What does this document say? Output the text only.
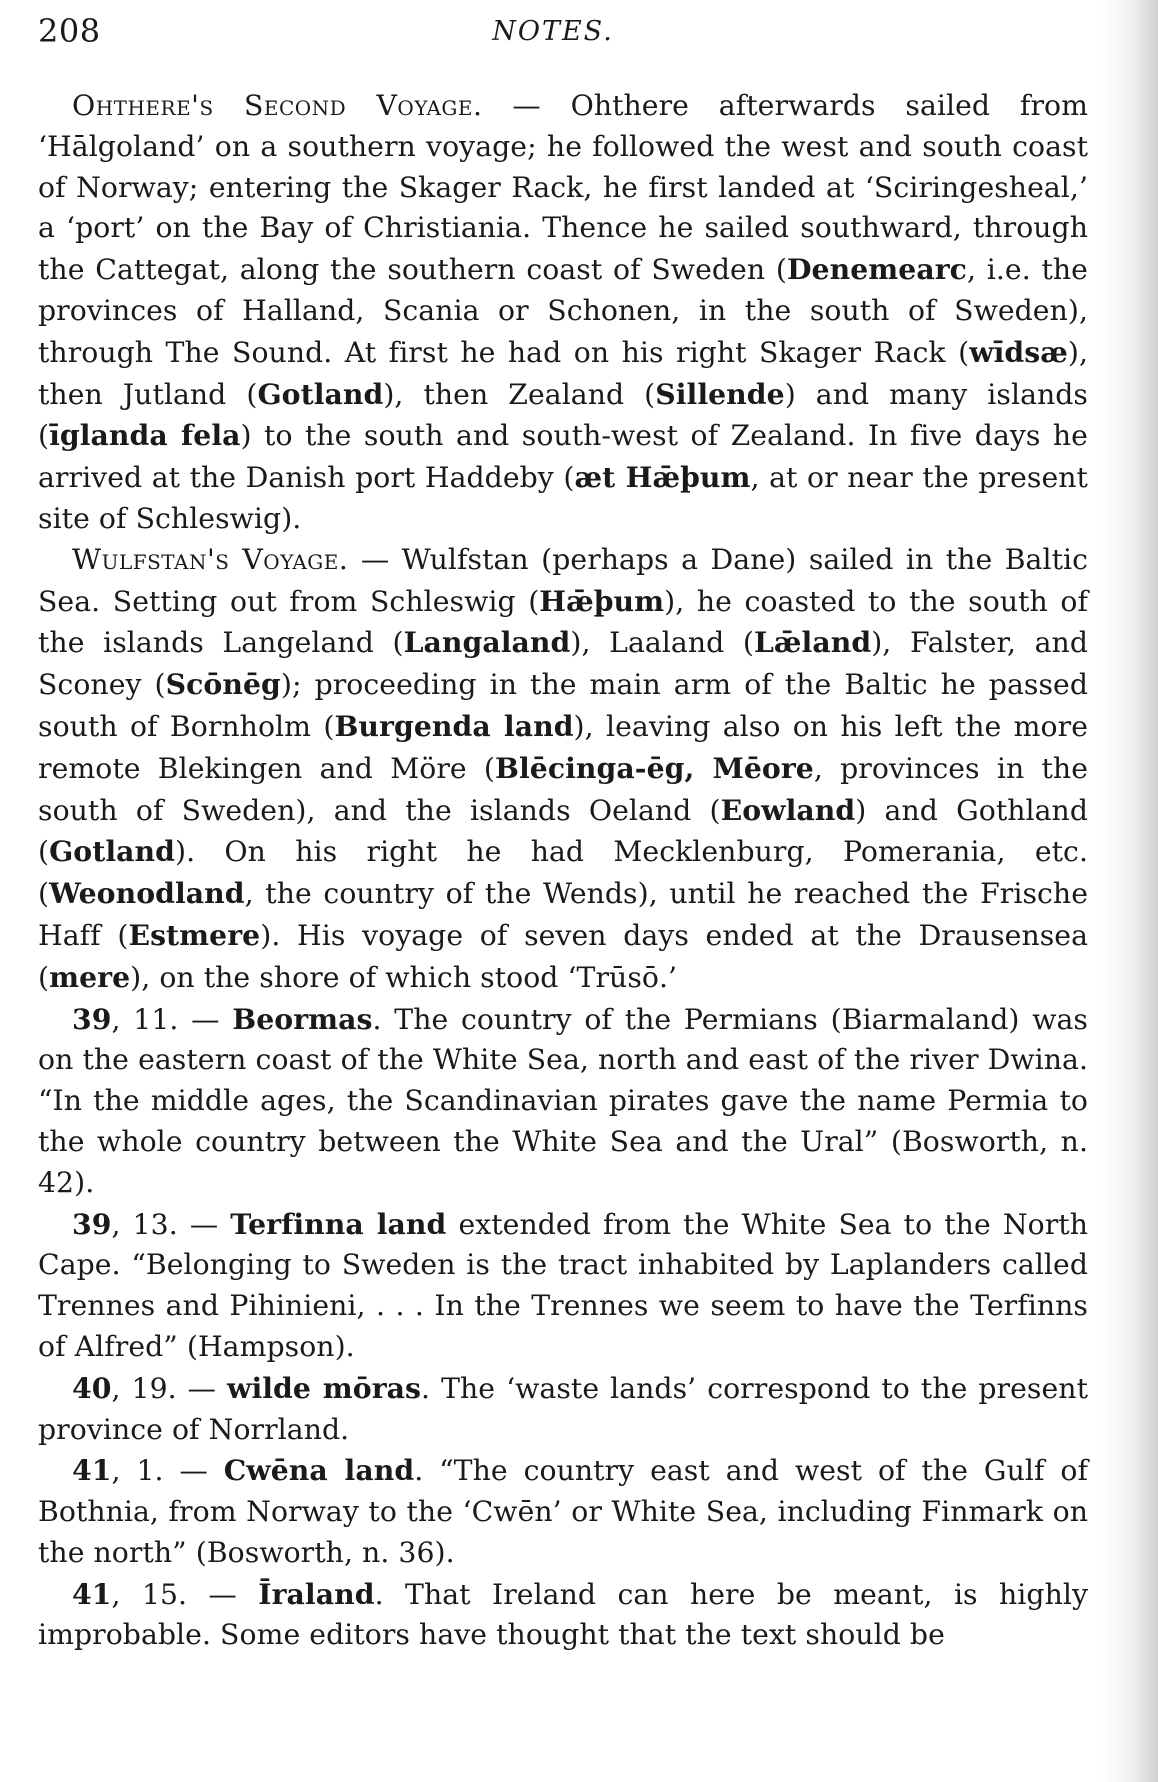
208	NOTES.

Ohthere's Second Voyage. — Ohthere afterwards sailed from ‘Hālgoland’ on a southern voyage; he followed the west and south coast of Norway; entering the Skager Rack, he first landed at ‘Sciringesheal,’ a ‘port’ on the Bay of Christiania. Thence he sailed southward, through the Cattegat, along the southern coast of Sweden (Denemearc, i.e. the provinces of Halland, Scania or Schonen, in the south of Sweden), through The Sound. At first he had on his right Skager Rack (wīdsæ), then Jutland (Gotland), then Zealand (Sillende) and many islands (īglanda fela) to the south and south-west of Zealand. In five days he arrived at the Danish port Haddeby (æt Hǣþum, at or near the present site of Schleswig).

Wulfstan's Voyage. — Wulfstan (perhaps a Dane) sailed in the Baltic Sea. Setting out from Schleswig (Hǣþum), he coasted to the south of the islands Langeland (Langaland), Laaland (Lǣland), Falster, and Sconey (Scōnēg); proceeding in the main arm of the Baltic he passed south of Bornholm (Burgenda land), leaving also on his left the more remote Blekingen and Möre (Blēcinga-ēg, Mēore, provinces in the south of Sweden), and the islands Oeland (Eowland) and Gothland (Gotland). On his right he had Mecklenburg, Pomerania, etc. (Weonodland, the country of the Wends), until he reached the Frische Haff (Estmere). His voyage of seven days ended at the Drausensea (mere), on the shore of which stood ‘Trūsō.’

39, 11. — Beormas. The country of the Permians (Biarmaland) was on the eastern coast of the White Sea, north and east of the river Dwina. “In the middle ages, the Scandinavian pirates gave the name Permia to the whole country between the White Sea and the Ural” (Bosworth, n. 42).

39, 13. — Terfinna land extended from the White Sea to the North Cape. “Belonging to Sweden is the tract inhabited by Laplanders called Trennes and Pihinieni, . . . In the Trennes we seem to have the Terfinns of Alfred” (Hampson).

40, 19. — wilde mōras. The ‘waste lands’ correspond to the present province of Norrland.

41, 1. — Cwēna land. “The country east and west of the Gulf of Bothnia, from Norway to the ‘Cwēn’ or White Sea, including Finmark on the north” (Bosworth, n. 36).

41, 15. — Īraland. That Ireland can here be meant, is highly improbable. Some editors have thought that the text should be
